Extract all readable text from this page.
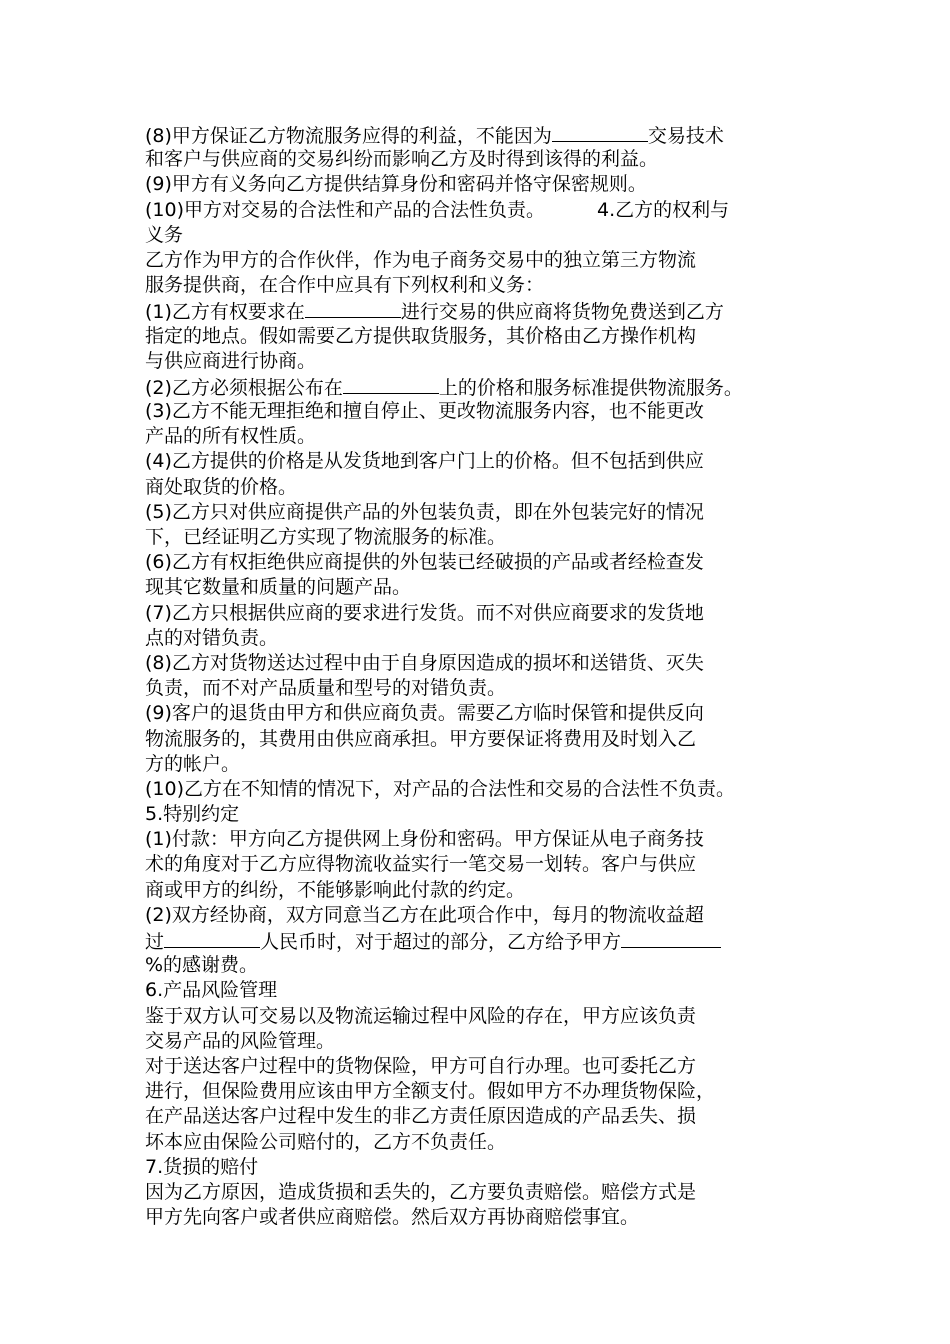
(8)甲方保证乙方物流服务应得的利益，不能因为	交易技术
和客户与供应商的交易纠纷而影响乙方及时得到该得的利益。
(9)甲方有义务向乙方提供结算身份和密码并恪守保密规则。
(10)甲方对交易的合法性和产品的合法性负责。	4.乙方的权利与
义务
乙方作为甲方的合作伙伴，作为电子商务交易中的独立第三方物流
服务提供商，在合作中应具有下列权利和义务：
(1)乙方有权要求在	进行交易的供应商将货物免费送到乙方
指定的地点。假如需要乙方提供取货服务，其价格由乙方操作机构
与供应商进行协商。
(2)乙方必须根据公布在	上的价格和服务标准提供物流服务。
(3)乙方不能无理拒绝和擅自停止、更改物流服务内容，也不能更改
产品的所有权性质。
(4)乙方提供的价格是从发货地到客户门上的价格。但不包括到供应
商处取货的价格。
(5)乙方只对供应商提供产品的外包装负责，即在外包装完好的情况
下，已经证明乙方实现了物流服务的标准。
(6)乙方有权拒绝供应商提供的外包装已经破损的产品或者经检查发
现其它数量和质量的问题产品。
(7)乙方只根据供应商的要求进行发货。而不对供应商要求的发货地
点的对错负责。
(8)乙方对货物送达过程中由于自身原因造成的损坏和送错货、灭失
负责，而不对产品质量和型号的对错负责。
(9)客户的退货由甲方和供应商负责。需要乙方临时保管和提供反向
物流服务的，其费用由供应商承担。甲方要保证将费用及时划入乙
方的帐户。
(10)乙方在不知情的情况下，对产品的合法性和交易的合法性不负责。
5.特别约定
(1)付款：甲方向乙方提供网上身份和密码。甲方保证从电子商务技
术的角度对于乙方应得物流收益实行一笔交易一划转。客户与供应
商或甲方的纠纷，不能够影响此付款的约定。
(2)双方经协商，双方同意当乙方在此项合作中，每月的物流收益超
过	人民币时，对于超过的部分，乙方给予甲方
%的感谢费。
6.产品风险管理
鉴于双方认可交易以及物流运输过程中风险的存在，甲方应该负责
交易产品的风险管理。
对于送达客户过程中的货物保险，甲方可自行办理。也可委托乙方
进行，但保险费用应该由甲方全额支付。假如甲方不办理货物保险，
在产品送达客户过程中发生的非乙方责任原因造成的产品丢失、损
坏本应由保险公司赔付的，乙方不负责任。
7.货损的赔付
因为乙方原因，造成货损和丢失的，乙方要负责赔偿。赔偿方式是
甲方先向客户或者供应商赔偿。然后双方再协商赔偿事宜。
